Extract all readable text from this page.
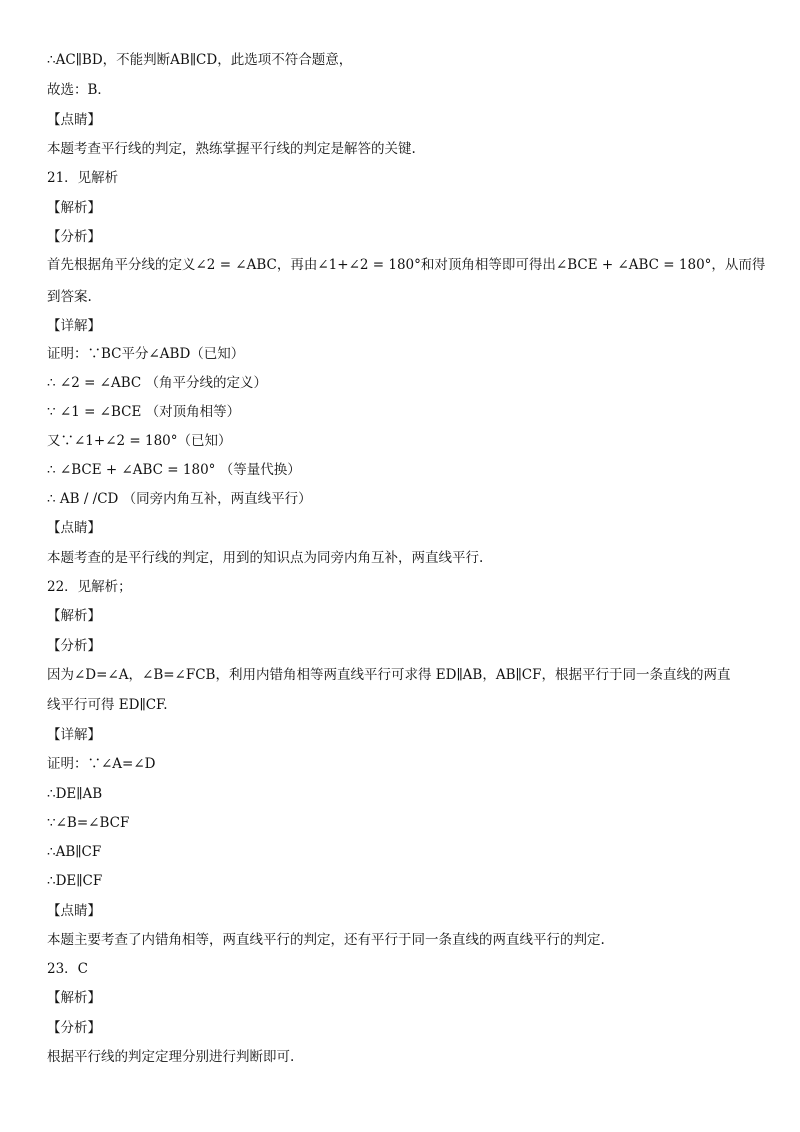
∴AC∥BD，不能判断AB∥CD，此选项不符合题意，
故选：B．
【点睛】
本题考查平行线的判定，熟练掌握平行线的判定是解答的关键.
21．见解析
【解析】
【分析】
首先根据角平分线的定义∠2 = ∠ABC，再由∠1+∠2 = 180°和对顶角相等即可得出∠BCE + ∠ABC = 180°，从而得
到答案.
【详解】
证明：∵BC平分∠ABD（已知）
∴ ∠2 = ∠ABC （角平分线的定义）
∵ ∠1 = ∠BCE （对顶角相等）
又∵∠1+∠2 = 180°（已知）
∴ ∠BCE + ∠ABC = 180° （等量代换）
∴ AB / /CD （同旁内角互补，两直线平行）
【点睛】
本题考查的是平行线的判定，用到的知识点为同旁内角互补，两直线平行.
22．见解析；
【解析】
【分析】
因为∠D=∠A，∠B=∠FCB，利用内错角相等两直线平行可求得 ED∥AB，AB∥CF，根据平行于同一条直线的两直
线平行可得 ED∥CF.
【详解】
证明：∵∠A=∠D
∴DE∥AB
∵∠B=∠BCF
∴AB∥CF
∴DE∥CF
【点睛】
本题主要考查了内错角相等，两直线平行的判定，还有平行于同一条直线的两直线平行的判定.
23．C
【解析】
【分析】
根据平行线的判定定理分别进行判断即可.
